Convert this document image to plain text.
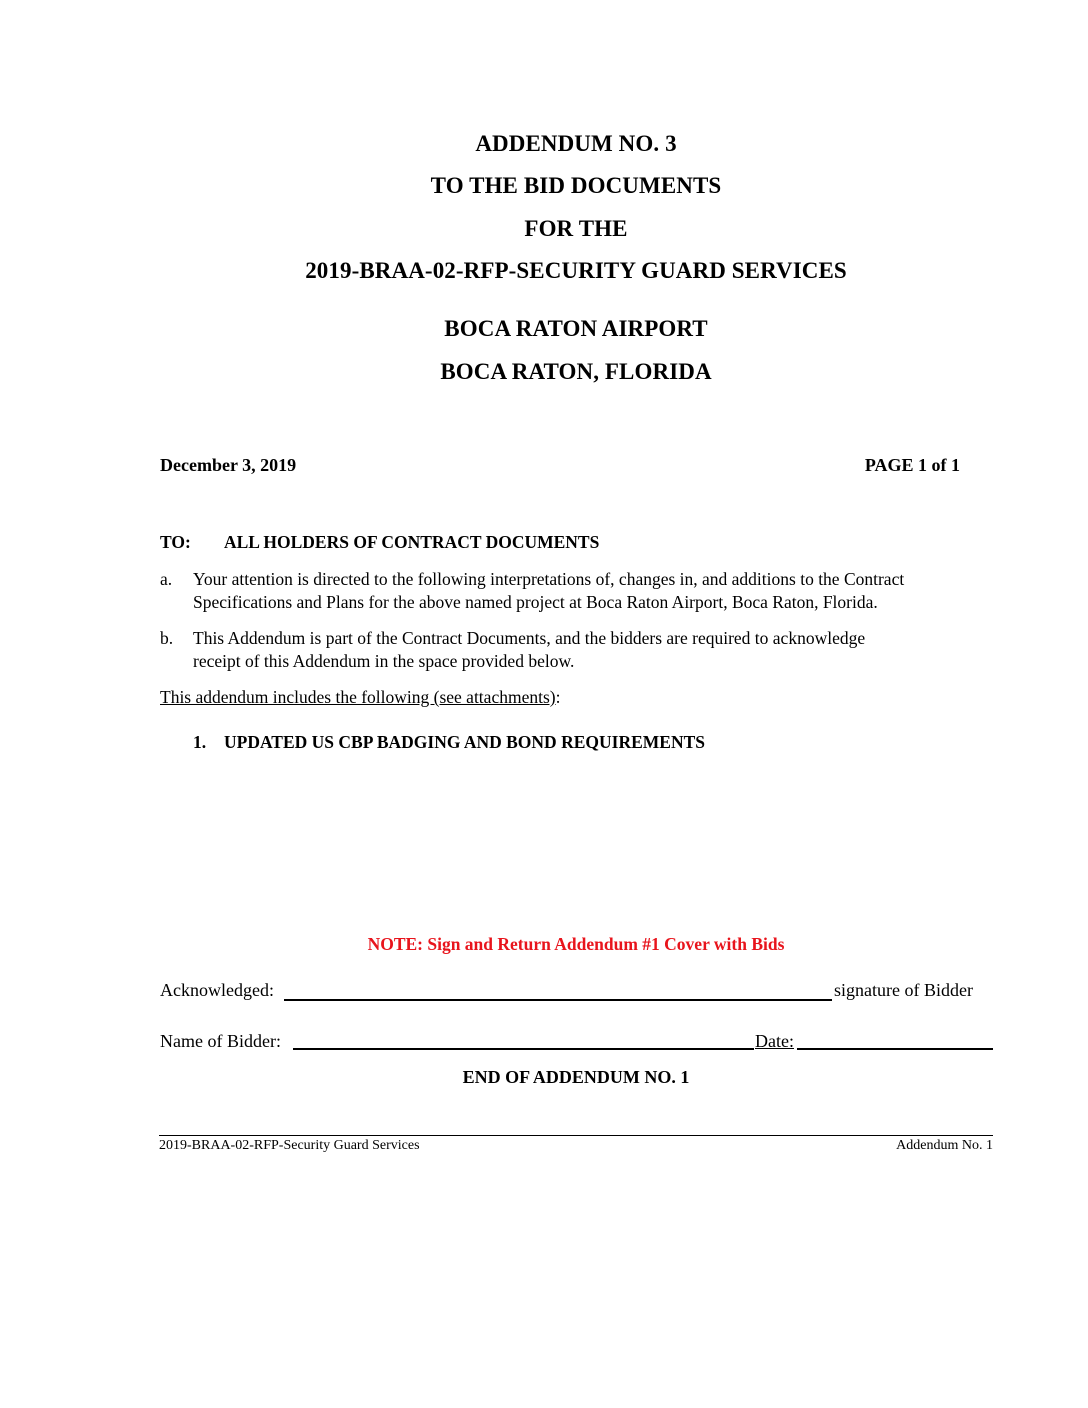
ADDENDUM NO. 3
TO THE BID DOCUMENTS
FOR THE
2019-BRAA-02-RFP-SECURITY GUARD SERVICES
BOCA RATON AIRPORT
BOCA RATON, FLORIDA
December 3, 2019	PAGE 1 of 1
TO: ALL HOLDERS OF CONTRACT DOCUMENTS
a. Your attention is directed to the following interpretations of, changes in, and additions to the Contract
Specifications and Plans for the above named project at Boca Raton Airport, Boca Raton, Florida.
b. This Addendum is part of the Contract Documents, and the bidders are required to acknowledge
receipt of this Addendum in the space provided below.
This addendum includes the following (see attachments):
1. UPDATED US CBP BADGING AND BOND REQUIREMENTS
NOTE: Sign and Return Addendum #1 Cover with Bids
Acknowledged:	signature of Bidder
Name of Bidder:	Date:
END OF ADDENDUM NO. 1
2019-BRAA-02-RFP-Security Guard Services	Addendum No. 1
